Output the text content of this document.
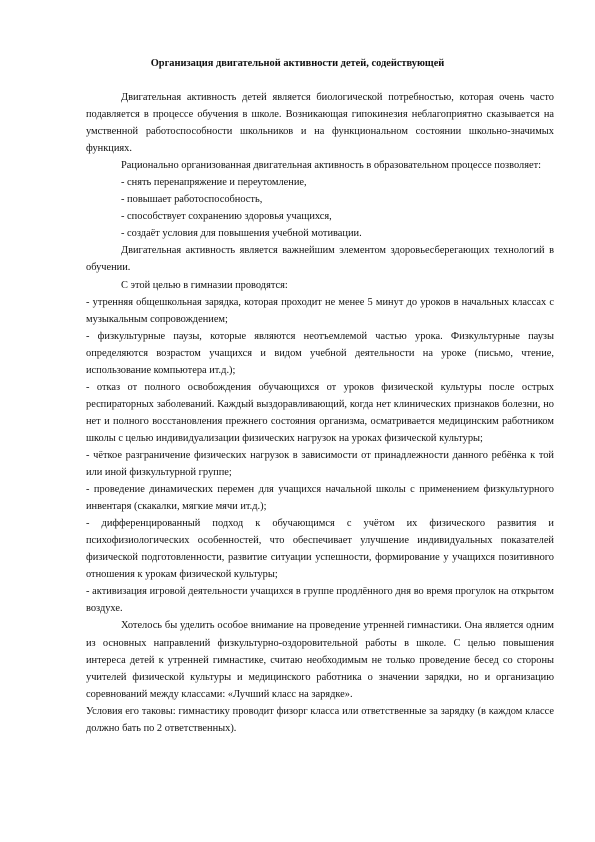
Организация двигательной активности детей, содействующей

Двигательная активность детей является биологической потребностью, которая очень часто подавляется в процессе обучения в школе. Возникающая гипокинезия неблагоприятно сказывается на умственной работоспособности школьников и на функциональном состоянии школьно-значимых функциях.

Рационально организованная двигательная активность в образовательном процессе позволяет:

- снять перенапряжение и переутомление,

- повышает работоспособность,

- способствует сохранению здоровья учащихся,

- создаёт условия для повышения учебной мотивации.

Двигательная активность является важнейшим элементом здоровьесберегающих технологий в обучении.

С этой целью в гимназии проводятся:

- утренняя общешкольная зарядка, которая проходит не менее 5 минут до уроков в начальных классах с музыкальным сопровождением;

- физкультурные паузы, которые являются неотъемлемой частью урока. Физкультурные паузы определяются возрастом учащихся и видом учебной деятельности на уроке (письмо, чтение, использование компьютера ит.д.);

- отказ от полного освобождения обучающихся от уроков физической культуры после острых респираторных заболеваний. Каждый выздоравливающий, когда нет клинических признаков болезни, но нет и полного восстановления прежнего состояния организма, осматривается медицинским работником школы с целью индивидуализации физических нагрузок на уроках физической культуры;

- чёткое разграничение физических нагрузок в зависимости от принадлежности данного ребёнка к той или иной физкультурной группе;

- проведение динамических перемен для учащихся начальной школы с применением физкультурного инвентаря (скакалки, мягкие мячи ит.д.);

- дифференцированный подход к обучающимся с учётом их физического развития и психофизиологических особенностей, что обеспечивает улучшение индивидуальных показателей физической подготовленности, развитие ситуации успешности, формирование у учащихся позитивного отношения к урокам физической культуры;

- активизация игровой деятельности учащихся в группе продлённого дня во время прогулок на открытом воздухе.

Хотелось бы уделить особое внимание на проведение утренней гимнастики. Она является одним из основных направлений физкультурно-оздоровительной работы в школе. С целью повышения интереса детей к утренней гимнастике, считаю необходимым не только проведение бесед со стороны учителей физической культуры и медицинского работника о значении зарядки, но и организацию соревнований между классами: «Лучший класс на зарядке».

Условия его таковы: гимнастику проводит физорг класса или ответственные за зарядку (в каждом классе должно бать по 2 ответственных).
